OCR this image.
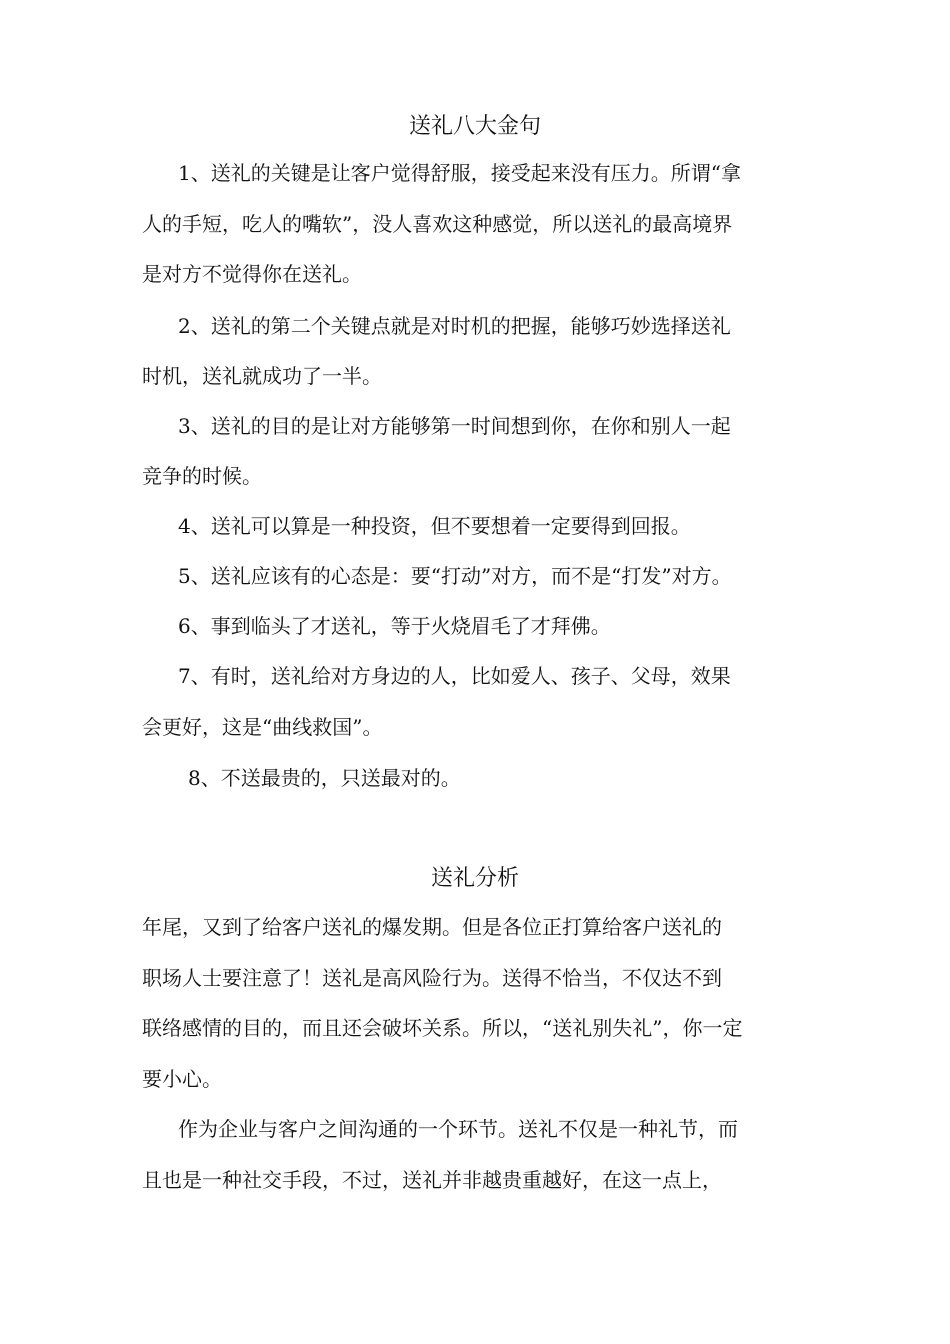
送礼八大金句
1、送礼的关键是让客户觉得舒服，接受起来没有压力。所谓“拿
人的手短，吃人的嘴软”，没人喜欢这种感觉，所以送礼的最高境界
是对方不觉得你在送礼。
2、送礼的第二个关键点就是对时机的把握，能够巧妙选择送礼
时机，送礼就成功了一半。
3、送礼的目的是让对方能够第一时间想到你，在你和别人一起
竞争的时候。
4、送礼可以算是一种投资，但不要想着一定要得到回报。
5、送礼应该有的心态是：要“打动”对方，而不是“打发”对方。
6、事到临头了才送礼，等于火烧眉毛了才拜佛。
7、有时，送礼给对方身边的人，比如爱人、孩子、父母，效果
会更好，这是“曲线救国”。
8、不送最贵的，只送最对的。
送礼分析
年尾，又到了给客户送礼的爆发期。但是各位正打算给客户送礼的
职场人士要注意了！送礼是高风险行为。送得不恰当，不仅达不到
联络感情的目的，而且还会破坏关系。所以，“送礼别失礼”，你一定
要小心。
作为企业与客户之间沟通的一个环节。送礼不仅是一种礼节，而
且也是一种社交手段，不过，送礼并非越贵重越好，在这一点上，
